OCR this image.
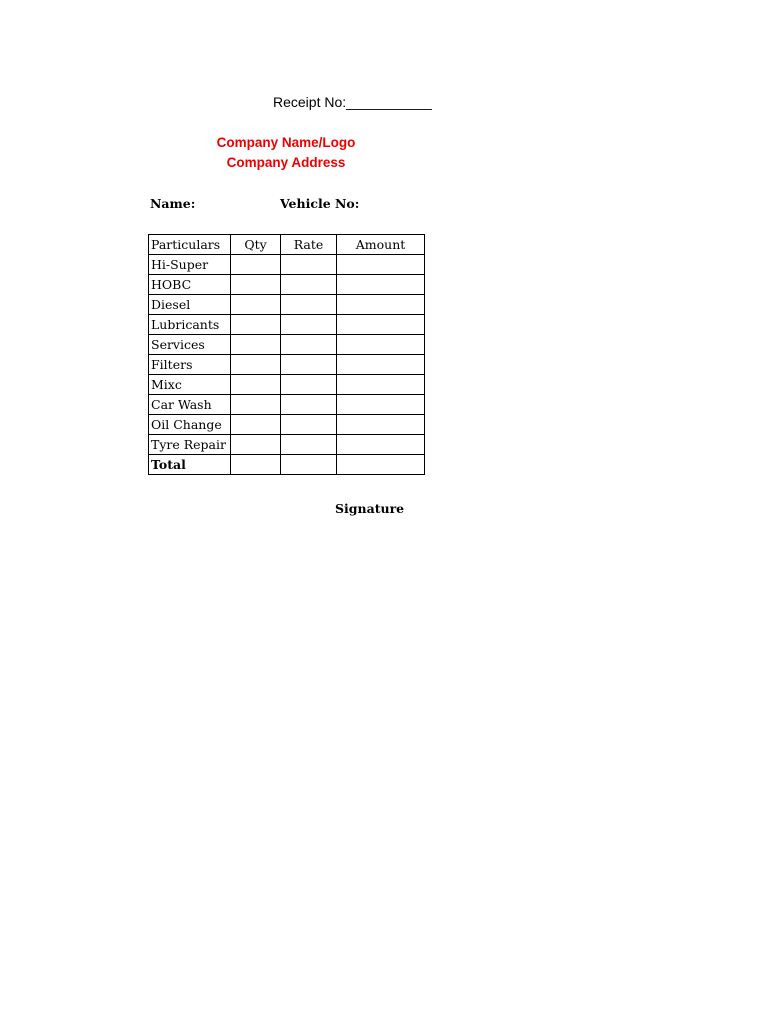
Receipt No:___________
Company Name/Logo
Company Address
Name:	Vehicle No:
Particulars	Qty	Rate	Amount
Hi-Super			
HOBC			
Diesel			
Lubricants			
Services			
Filters			
Mixc			
Car Wash			
Oil Change			
Tyre Repair			
Total			
Signature
